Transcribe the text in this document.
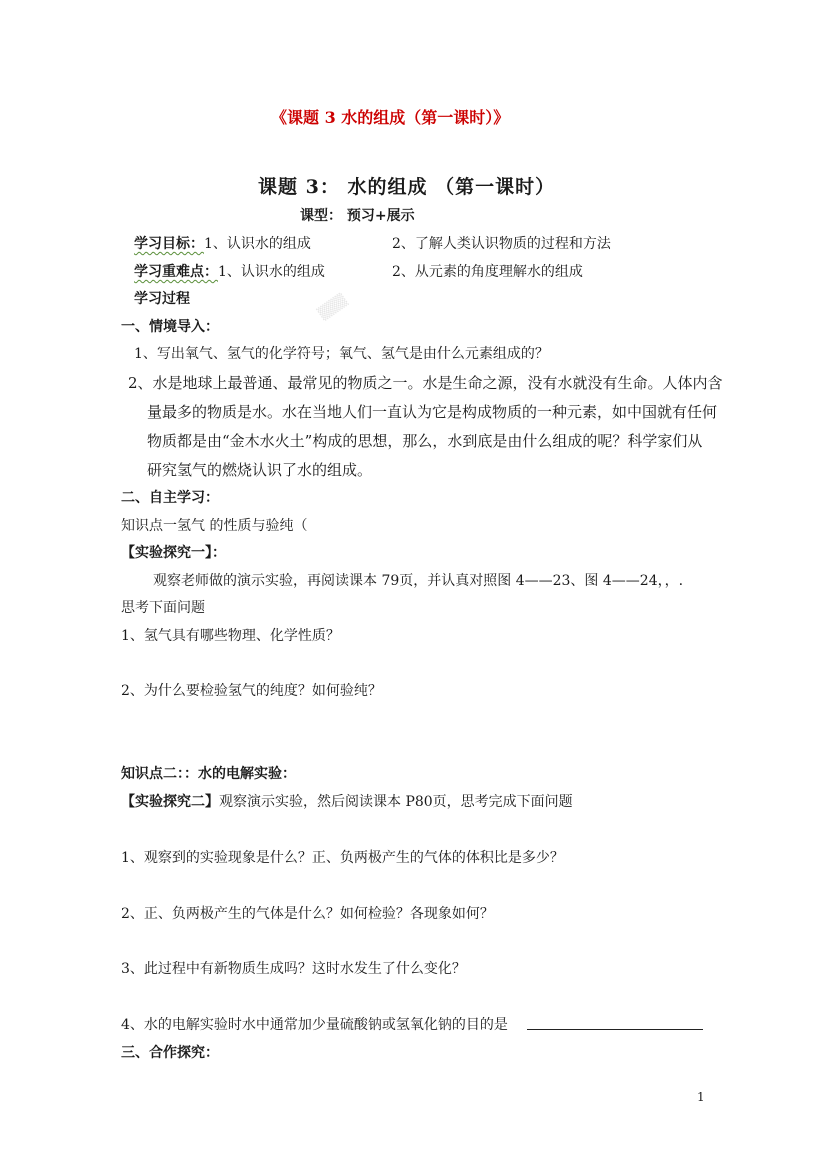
《课题 3 水的组成（第一课时）》
课题 3： 水的组成 （第一课时）
课型： 预习+展示
学习目标：1、认识水的组成	2、了解人类认识物质的过程和方法
学习重难点：1、认识水的组成	2、从元素的角度理解水的组成
学习过程	▒▒▒
一、情境导入：
1、写出氧气、氢气的化学符号；氧气、氢气是由什么元素组成的？
2、水是地球上最普通、最常见的物质之一。水是生命之源，没有水就没有生命。人体内含
量最多的物质是水。水在当地人们一直认为它是构成物质的一种元素，如中国就有任何
物质都是由“金木水火土”构成的思想，那么，水到底是由什么组成的呢？科学家们从
研究氢气的燃烧认识了水的组成。
二、自主学习：
知识点一氢气 的性质与验纯（
【实验探究一】：
观察老师做的演示实验，再阅读课本 79页，并认真对照图 4——23、图 4——24，，.
思考下面问题
1、氢气具有哪些物理、化学性质？
2、为什么要检验氢气的纯度？如何验纯？
知识点二：：水的电解实验：
【实验探究二】观察演示实验，然后阅读课本 P80页，思考完成下面问题
1、观察到的实验现象是什么？正、负两极产生的气体的体积比是多少？
2、正、负两极产生的气体是什么？如何检验？各现象如何？
3、此过程中有新物质生成吗？这时水发生了什么变化？
4、水的电解实验时水中通常加少量硫酸钠或氢氧化钠的目的是
三、合作探究：
1
